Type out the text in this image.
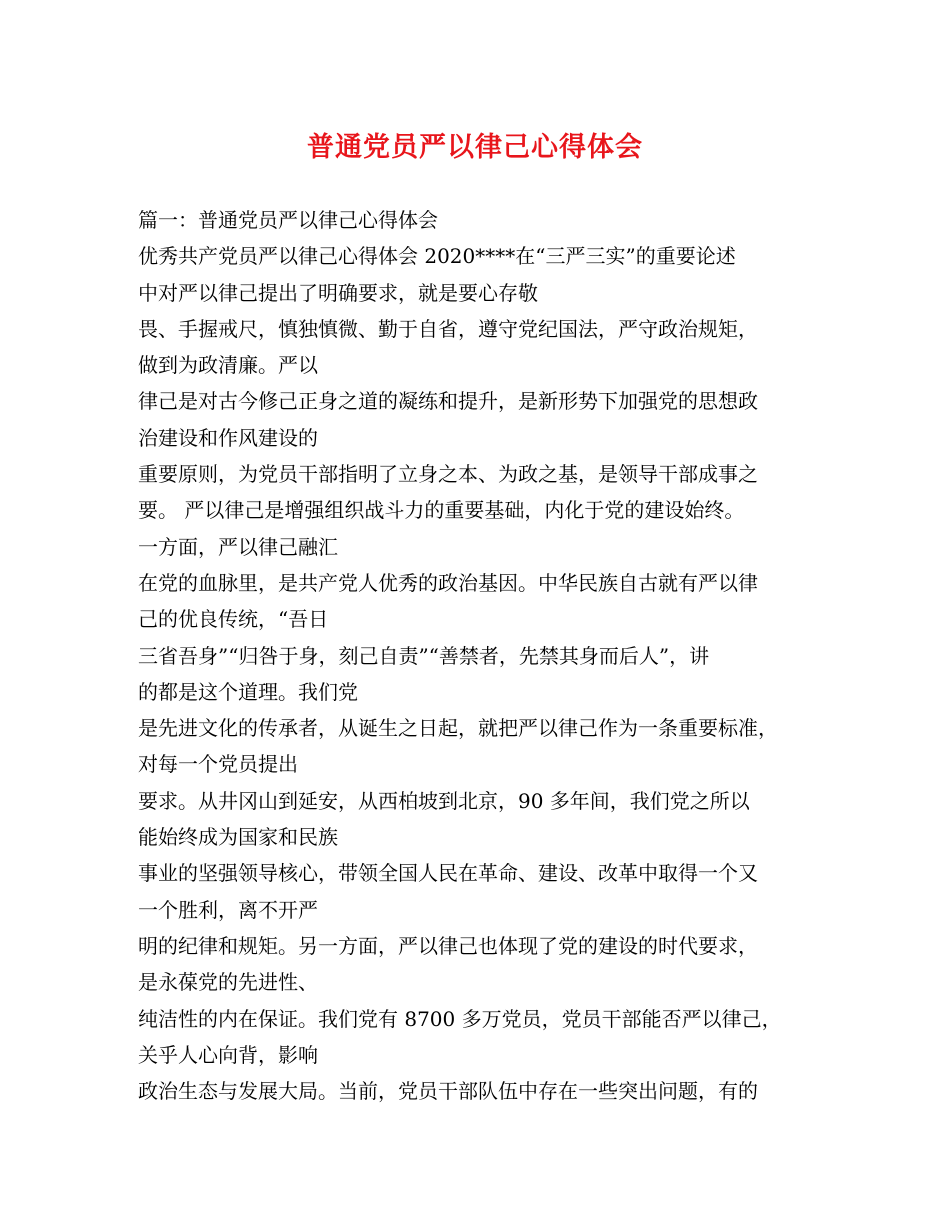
普通党员严以律己心得体会
篇一：普通党员严以律己心得体会
优秀共产党员严以律己心得体会 2020****在“三严三实”的重要论述
中对严以律己提出了明确要求，就是要心存敬
畏、手握戒尺，慎独慎微、勤于自省，遵守党纪国法，严守政治规矩，
做到为政清廉。严以
律己是对古今修己正身之道的凝练和提升，是新形势下加强党的思想政
治建设和作风建设的
重要原则，为党员干部指明了立身之本、为政之基，是领导干部成事之
要。 严以律己是增强组织战斗力的重要基础，内化于党的建设始终。
一方面，严以律己融汇
在党的血脉里，是共产党人优秀的政治基因。中华民族自古就有严以律
己的优良传统，“吾日
三省吾身”“归咎于身，刻己自责”“善禁者，先禁其身而后人”，讲
的都是这个道理。我们党
是先进文化的传承者，从诞生之日起，就把严以律己作为一条重要标准，
对每一个党员提出
要求。从井冈山到延安，从西柏坡到北京，90 多年间，我们党之所以
能始终成为国家和民族
事业的坚强领导核心，带领全国人民在革命、建设、改革中取得一个又
一个胜利，离不开严
明的纪律和规矩。另一方面，严以律己也体现了党的建设的时代要求，
是永葆党的先进性、
纯洁性的内在保证。我们党有 8700 多万党员，党员干部能否严以律己，
关乎人心向背，影响
政治生态与发展大局。当前，党员干部队伍中存在一些突出问题，有的
